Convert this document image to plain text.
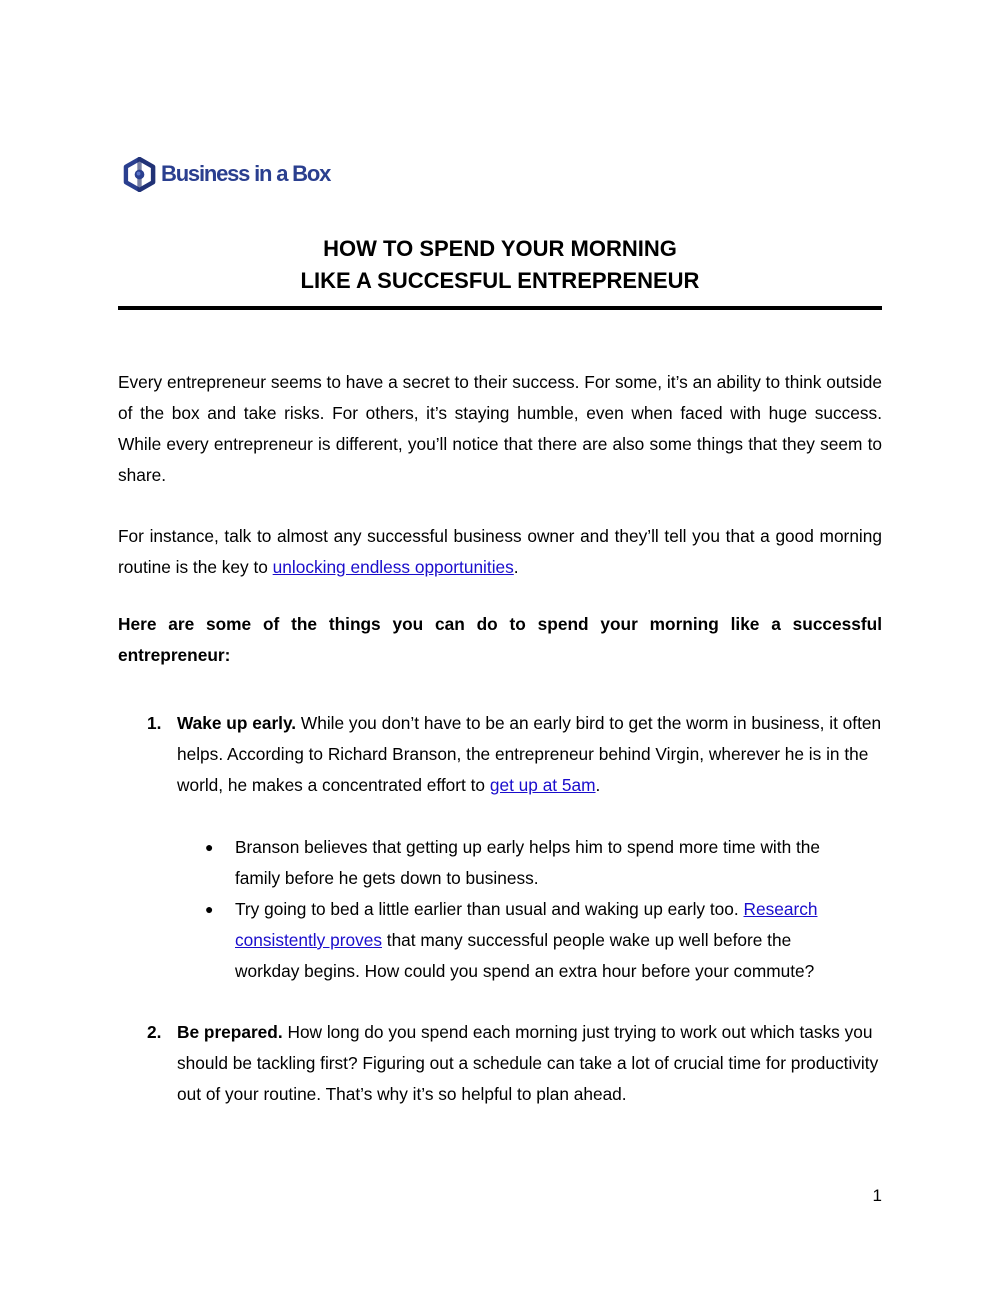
Business in a Box
HOW TO SPEND YOUR MORNING
LIKE A SUCCESFUL ENTREPRENEUR

Every entrepreneur seems to have a secret to their success. For some, it’s an ability to think outside of the box and take risks. For others, it’s staying humble, even when faced with huge success. While every entrepreneur is different, you’ll notice that there are also some things that they seem to share.

For instance, talk to almost any successful business owner and they’ll tell you that a good morning routine is the key to unlocking endless opportunities.

Here are some of the things you can do to spend your morning like a successful entrepreneur:

1. Wake up early. While you don’t have to be an early bird to get the worm in business, it often helps. According to Richard Branson, the entrepreneur behind Virgin, wherever he is in the world, he makes a concentrated effort to get up at 5am.
● Branson believes that getting up early helps him to spend more time with the family before he gets down to business.
● Try going to bed a little earlier than usual and waking up early too. Research consistently proves that many successful people wake up well before the workday begins. How could you spend an extra hour before your commute?
2. Be prepared. How long do you spend each morning just trying to work out which tasks you should be tackling first? Figuring out a schedule can take a lot of crucial time for productivity out of your routine. That’s why it’s so helpful to plan ahead.
1
